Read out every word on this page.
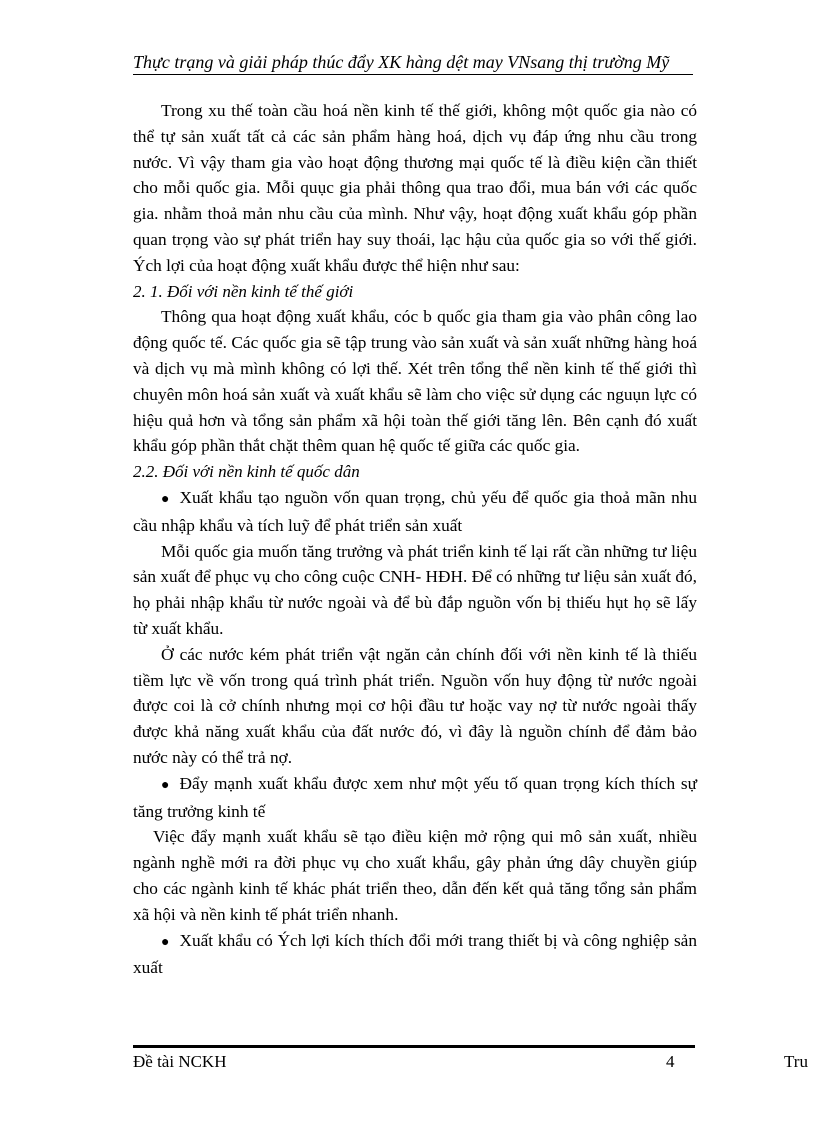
Thực trạng và giải pháp thúc đẩy XK hàng dệt may VNsang thị trường Mỹ

Trong xu thế toàn cầu hoá nền kinh tế thế giới, không một quốc gia nào có thể tự sản xuất tất cả các sản phẩm hàng hoá, dịch vụ đáp ứng nhu cầu trong nước. Vì vậy tham gia vào hoạt động thương mại quốc tế là điều kiện cần thiết cho mỗi quốc gia. Mỗi quục gia phải thông qua trao đổi, mua bán với các quốc gia. nhằm thoả mản nhu cầu của mình. Như vậy, hoạt động xuất khẩu góp phần quan trọng vào sự phát triển hay suy thoái, lạc hậu của quốc gia so với thế giới. Ých lợi của hoạt động xuất khẩu được thể hiện như sau:

2. 1. Đối với nền kinh tế thế giới

Thông qua hoạt động xuất khẩu, cóc b quốc gia tham gia vào phân công lao động quốc tế. Các quốc gia sẽ tập trung vào sản xuất và sản xuất những hàng hoá và dịch vụ mà mình không có lợi thế. Xét trên tổng thể nền kinh tế thế giới thì chuyên môn hoá sản xuất và xuất khẩu sẽ làm cho việc sử dụng các nguụn lực có hiệu quả hơn và tổng sản phẩm xã hội toàn thế giới tăng lên. Bên cạnh đó xuất khẩu góp phần thắt chặt thêm quan hệ quốc tế giữa các quốc gia.

2.2. Đối với nền kinh tế quốc dân

● Xuất khẩu tạo nguồn vốn quan trọng, chủ yếu để quốc gia thoả mãn nhu cầu nhập khẩu và tích luỹ để phát triển sản xuất

Mỗi quốc gia muốn tăng trưởng và phát triển kinh tế lại rất cần những tư liệu sản xuất để phục vụ cho công cuộc CNH- HĐH. Để có những tư liệu sản xuất đó, họ phải nhập khẩu từ nước ngoài và để bù đắp nguồn vốn bị thiếu hụt họ sẽ lấy từ xuất khẩu.

Ở các nước kém phát triển vật ngăn cản chính đối với nền kinh tế là thiếu tiềm lực về vốn trong quá trình phát triển. Nguồn vốn huy động từ nước ngoài được coi là cở chính nhưng mọi cơ hội đầu tư hoặc vay nợ từ nước ngoài thấy được khả năng xuất khẩu của đất nước đó, vì đây là nguồn chính để đảm bảo nước này có thể trả nợ.

● Đẩy mạnh xuất khẩu được xem như một yếu tố quan trọng kích thích sự tăng trưởng kinh tế

Việc đẩy mạnh xuất khẩu sẽ tạo điều kiện mở rộng qui mô sản xuất, nhiều ngành nghề mới ra đời phục vụ cho xuất khẩu, gây phản ứng dây chuyền giúp cho các ngành kinh tế khác phát triển theo, dẫn đến kết quả tăng tổng sản phẩm xã hội và nền kinh tế phát triển nhanh.

● Xuất khẩu có Ých lợi kích thích đổi mới trang thiết bị và công nghiệp sản xuất

Đề tài NCKH	4	Tru
